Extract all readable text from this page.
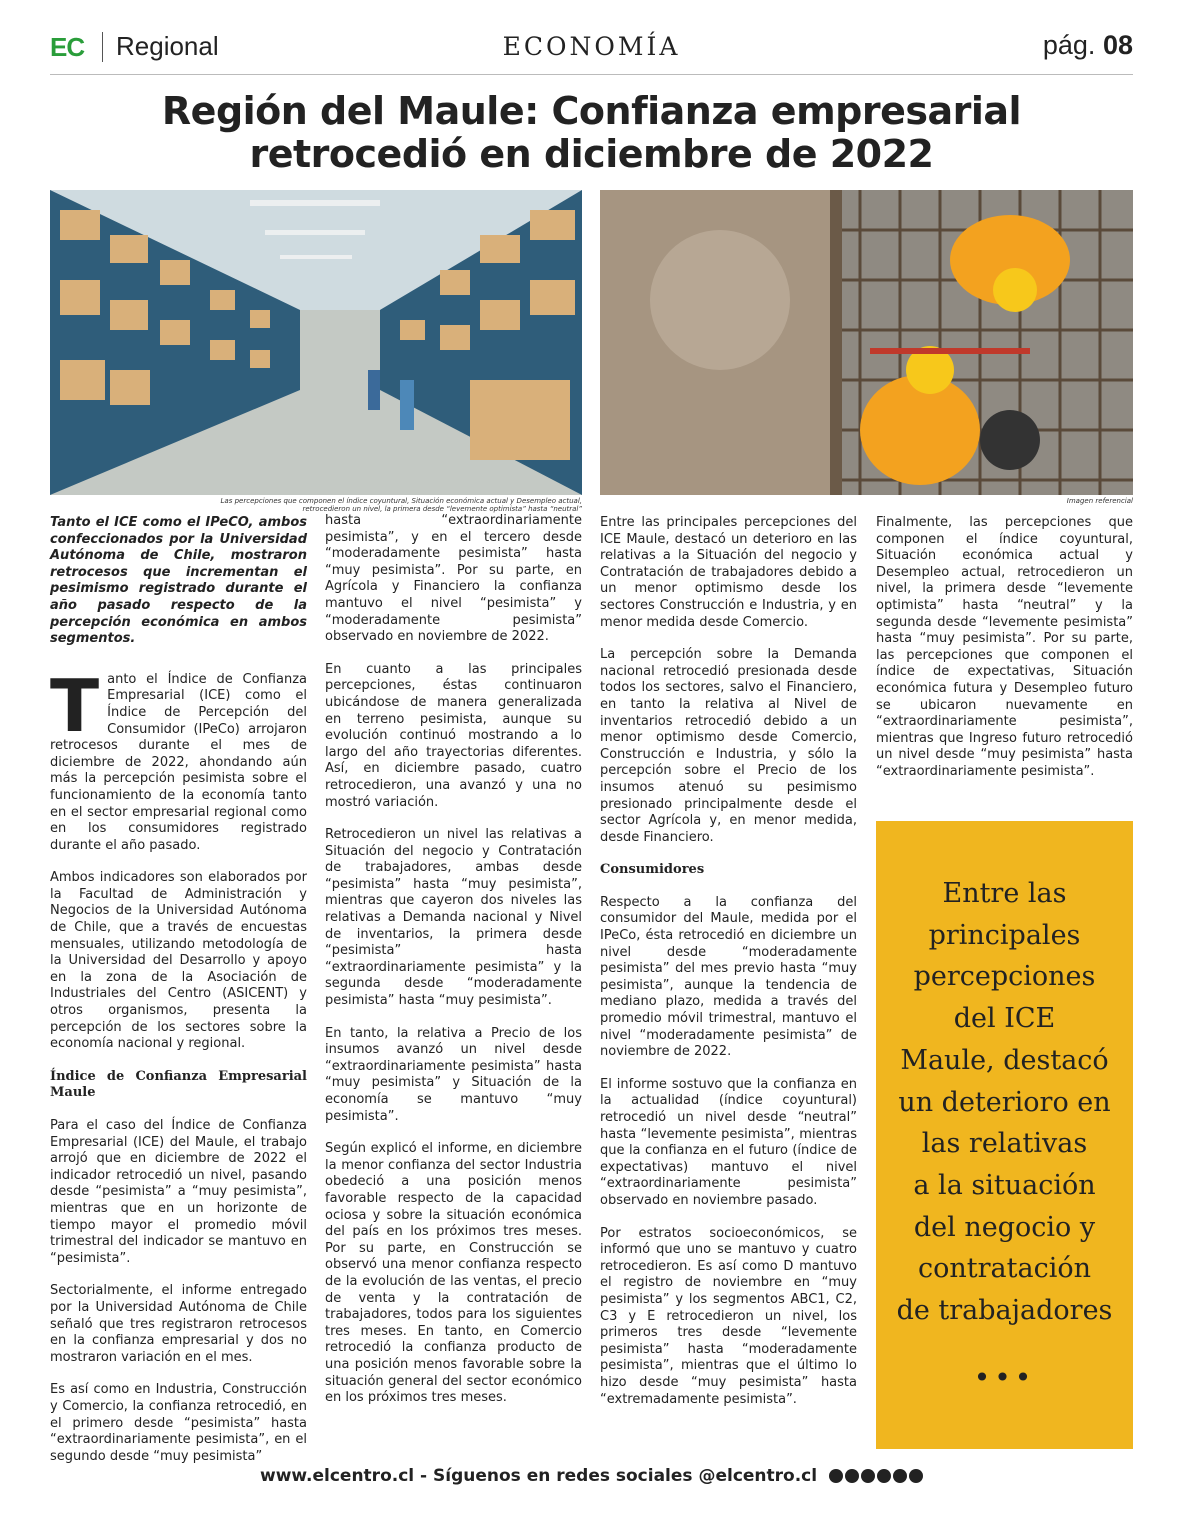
EC Regional	ECONOMÍA	pág. 08
Región del Maule: Confianza empresarial
retrocedió en diciembre de 2022
Las percepciones que componen el índice coyuntural, Situación económica actual y Desempleo actual,
retrocedieron un nivel, la primera desde “levemente optimista” hasta “neutral”
Imagen referencial

Tanto el ICE como el IPeCO, ambos confeccionados por la Universidad Autónoma de Chile, mostraron retrocesos que incrementan el pesimismo registrado durante el año pasado respecto de la percepción económica en ambos segmentos.

Tanto el Índice de Confianza Empresarial (ICE) como el Índice de Percepción del Consumidor (IPeCo) arrojaron retrocesos durante el mes de diciembre de 2022, ahondando aún más la percepción pesimista sobre el funcionamiento de la economía tanto en el sector empresarial regional como en los consumidores registrado durante el año pasado.

Ambos indicadores son elaborados por la Facultad de Administración y Negocios de la Universidad Autónoma de Chile, que a través de encuestas mensuales, utilizando metodología de la Universidad del Desarrollo y apoyo en la zona de la Asociación de Industriales del Centro (ASICENT) y otros organismos, presenta la percepción de los sectores sobre la economía nacional y regional.

Índice de Confianza Empresarial Maule

Para el caso del Índice de Confianza Empresarial (ICE) del Maule, el trabajo arrojó que en diciembre de 2022 el indicador retrocedió un nivel, pasando desde “pesimista” a “muy pesimista”, mientras que en un horizonte de tiempo mayor el promedio móvil trimestral del indicador se mantuvo en “pesimista”.

Sectorialmente, el informe entregado por la Universidad Autónoma de Chile señaló que tres registraron retrocesos en la confianza empresarial y dos no mostraron variación en el mes.

Es así como en Industria, Construcción y Comercio, la confianza retrocedió, en el primero desde “pesimista” hasta “extraordinariamente pesimista”, en el segundo desde “muy pesimista”

hasta “extraordinariamente pesimista”, y en el tercero desde “moderadamente pesimista” hasta “muy pesimista”. Por su parte, en Agrícola y Financiero la confianza mantuvo el nivel “pesimista” y “moderadamente pesimista” observado en noviembre de 2022.

En cuanto a las principales percepciones, éstas continuaron ubicándose de manera generalizada en terreno pesimista, aunque su evolución continuó mostrando a lo largo del año trayectorias diferentes. Así, en diciembre pasado, cuatro retrocedieron, una avanzó y una no mostró variación.

Retrocedieron un nivel las relativas a Situación del negocio y Contratación de trabajadores, ambas desde “pesimista” hasta “muy pesimista”, mientras que cayeron dos niveles las relativas a Demanda nacional y Nivel de inventarios, la primera desde “pesimista” hasta “extraordinariamente pesimista” y la segunda desde “moderadamente pesimista” hasta “muy pesimista”.

En tanto, la relativa a Precio de los insumos avanzó un nivel desde “extraordinariamente pesimista” hasta “muy pesimista” y Situación de la economía se mantuvo “muy pesimista”.

Según explicó el informe, en diciembre la menor confianza del sector Industria obedeció a una posición menos favorable respecto de la capacidad ociosa y sobre la situación económica del país en los próximos tres meses. Por su parte, en Construcción se observó una menor confianza respecto de la evolución de las ventas, el precio de venta y la contratación de trabajadores, todos para los siguientes tres meses. En tanto, en Comercio retrocedió la confianza producto de una posición menos favorable sobre la situación general del sector económico en los próximos tres meses.

Entre las principales percepciones del ICE Maule, destacó un deterioro en las relativas a la Situación del negocio y Contratación de trabajadores debido a un menor optimismo desde los sectores Construcción e Industria, y en menor medida desde Comercio.

La percepción sobre la Demanda nacional retrocedió presionada desde todos los sectores, salvo el Financiero, en tanto la relativa al Nivel de inventarios retrocedió debido a un menor optimismo desde Comercio, Construcción e Industria, y sólo la percepción sobre el Precio de los insumos atenuó su pesimismo presionado principalmente desde el sector Agrícola y, en menor medida, desde Financiero.

Consumidores

Respecto a la confianza del consumidor del Maule, medida por el IPeCo, ésta retrocedió en diciembre un nivel desde “moderadamente pesimista” del mes previo hasta “muy pesimista”, aunque la tendencia de mediano plazo, medida a través del promedio móvil trimestral, mantuvo el nivel “moderadamente pesimista” de noviembre de 2022.

El informe sostuvo que la confianza en la actualidad (índice coyuntural) retrocedió un nivel desde “neutral” hasta “levemente pesimista”, mientras que la confianza en el futuro (índice de expectativas) mantuvo el nivel “extraordinariamente pesimista” observado en noviembre pasado.

Por estratos socioeconómicos, se informó que uno se mantuvo y cuatro retrocedieron. Es así como D mantuvo el registro de noviembre en “muy pesimista” y los segmentos ABC1, C2, C3 y E retrocedieron un nivel, los primeros tres desde “levemente pesimista” hasta “moderadamente pesimista”, mientras que el último lo hizo desde “muy pesimista” hasta “extremadamente pesimista”.

Finalmente, las percepciones que componen el índice coyuntural, Situación económica actual y Desempleo actual, retrocedieron un nivel, la primera desde “levemente optimista” hasta “neutral” y la segunda desde “levemente pesimista” hasta “muy pesimista”. Por su parte, las percepciones que componen el índice de expectativas, Situación económica futura y Desempleo futuro se ubicaron nuevamente en “extraordinariamente pesimista”, mientras que Ingreso futuro retrocedió un nivel desde “muy pesimista” hasta “extraordinariamente pesimista”.

Entre las
principales
percepciones
del ICE
Maule, destacó
un deterioro en
las relativas
a la situación
del negocio y
contratación
de trabajadores
•••
www.elcentro.cl - Síguenos en redes sociales @elcentro.cl
